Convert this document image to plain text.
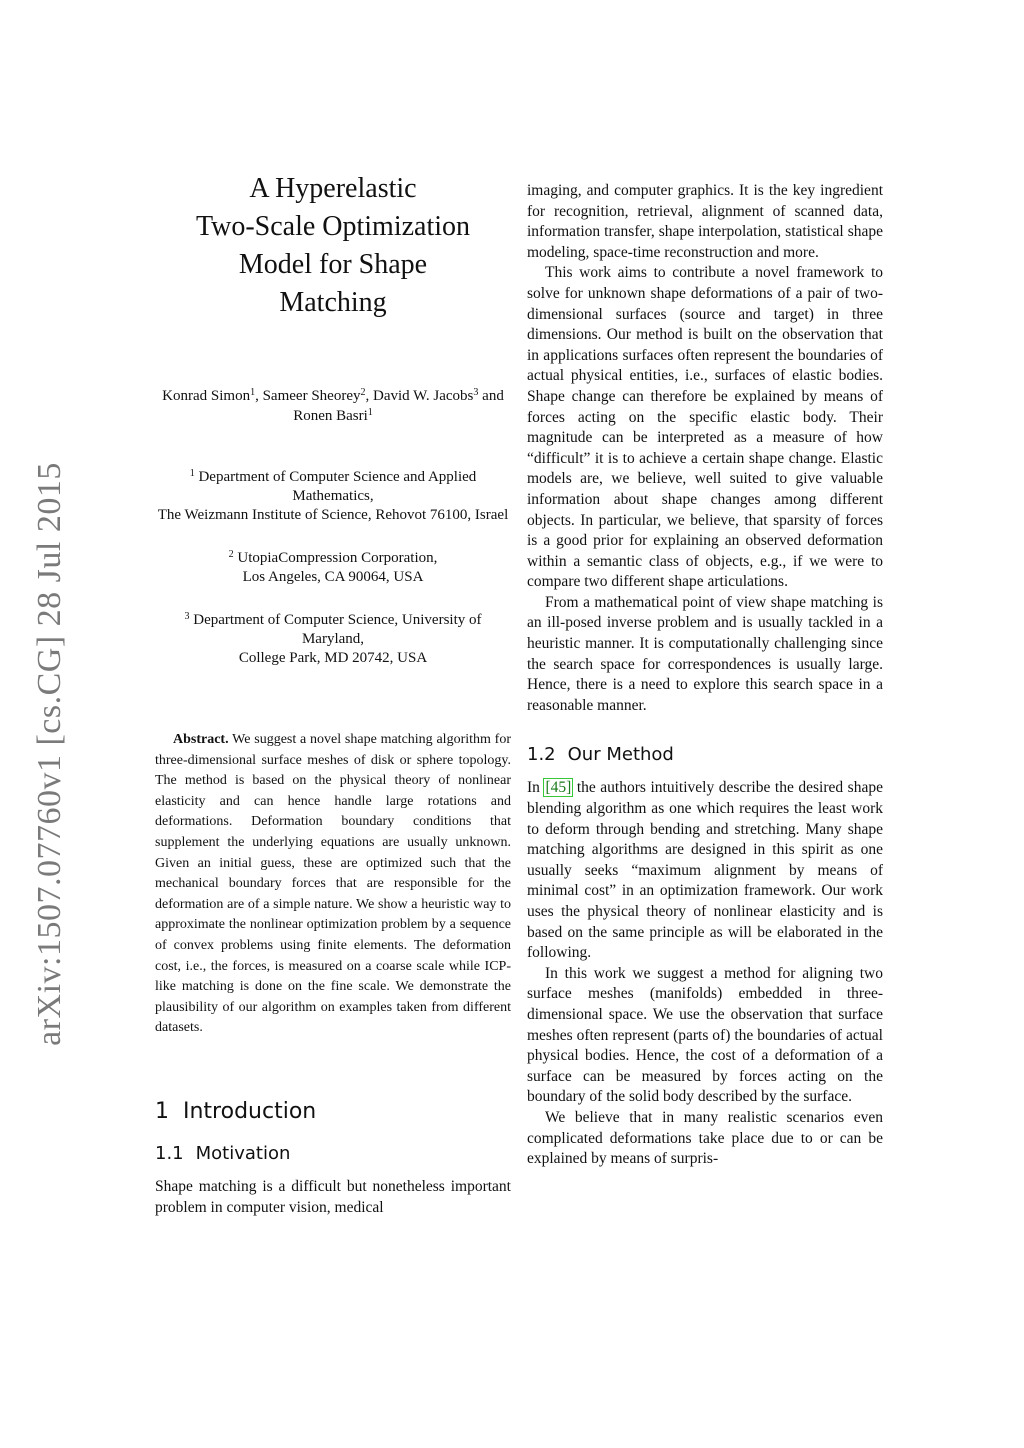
arXiv:1507.07760v1 [cs.CG] 28 Jul 2015
A Hyperelastic
Two-Scale Optimization
Model for Shape
Matching
Konrad Simon$^1$, Sameer Sheorey$^2$, David W. Jacobs$^3$ and Ronen Basri$^1$
$^1$ Department of Computer Science and Applied Mathematics,
The Weizmann Institute of Science, Rehovot 76100, Israel
$^2$ UtopiaCompression Corporation,
Los Angeles, CA 90064, USA
$^3$ Department of Computer Science, University of Maryland,
College Park, MD 20742, USA

Abstract. We suggest a novel shape matching algorithm for three-dimensional surface meshes of disk or sphere topology. The method is based on the physical theory of nonlinear elasticity and can hence handle large rotations and deformations. Deformation boundary conditions that supplement the underlying equations are usually unknown. Given an initial guess, these are optimized such that the mechanical boundary forces that are responsible for the deformation are of a simple nature. We show a heuristic way to approximate the nonlinear optimization problem by a sequence of convex problems using finite elements. The deformation cost, i.e., the forces, is measured on a coarse scale while ICP-like matching is done on the fine scale. We demonstrate the plausibility of our algorithm on examples taken from different datasets.

1 Introduction
1.1 Motivation

Shape matching is a difficult but nonetheless important problem in computer vision, medical

imaging, and computer graphics. It is the key ingredient for recognition, retrieval, alignment of scanned data, information transfer, shape interpolation, statistical shape modeling, space-time reconstruction and more.

This work aims to contribute a novel framework to solve for unknown shape deformations of a pair of two-dimensional surfaces (source and target) in three dimensions. Our method is built on the observation that in applications surfaces often represent the boundaries of actual physical entities, i.e., surfaces of elastic bodies. Shape change can therefore be explained by means of forces acting on the specific elastic body. Their magnitude can be interpreted as a measure of how “difficult” it is to achieve a certain shape change. Elastic models are, we believe, well suited to give valuable information about shape changes among different objects. In particular, we believe, that sparsity of forces is a good prior for explaining an observed deformation within a semantic class of objects, e.g., if we were to compare two different shape articulations.

From a mathematical point of view shape matching is an ill-posed inverse problem and is usually tackled in a heuristic manner. It is computationally challenging since the search space for correspondences is usually large. Hence, there is a need to explore this search space in a reasonable manner.

1.2 Our Method

In [45] the authors intuitively describe the desired shape blending algorithm as one which requires the least work to deform through bending and stretching. Many shape matching algorithms are designed in this spirit as one usually seeks “maximum alignment by means of minimal cost” in an optimization framework. Our work uses the physical theory of nonlinear elasticity and is based on the same principle as will be elaborated in the following.

In this work we suggest a method for aligning two surface meshes (manifolds) embedded in three-dimensional space. We use the observation that surface meshes often represent (parts of) the boundaries of actual physical bodies. Hence, the cost of a deformation of a surface can be measured by forces acting on the boundary of the solid body described by the surface.

We believe that in many realistic scenarios even complicated deformations take place due to or can be explained by means of surpris-
